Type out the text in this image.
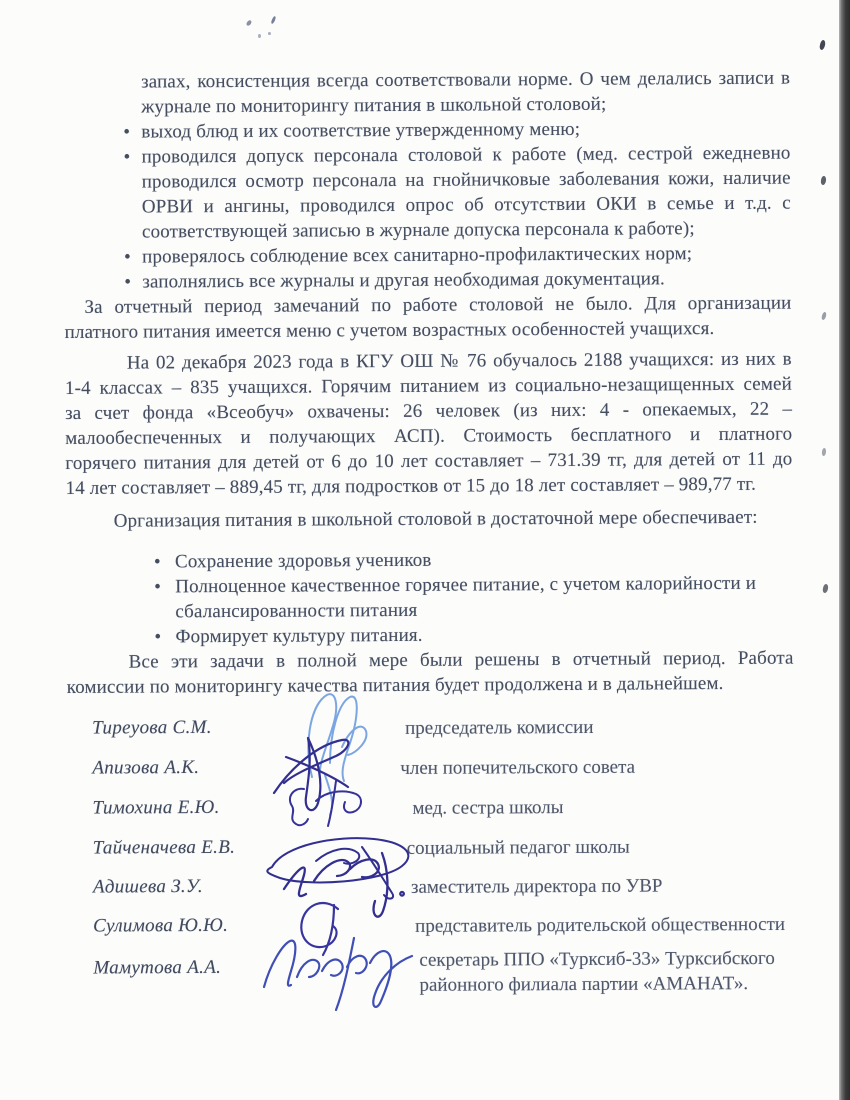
запах, консистенция всегда соответствовали норме. О чем делались записи в
журнале по мониторингу питания в школьной столовой;
• выход блюд и их соответствие утвержденному меню;
• проводился допуск персонала столовой к работе (мед. сестрой ежедневно
проводился осмотр персонала на гнойничковые заболевания кожи, наличие
ОРВИ и ангины, проводился опрос об отсутствии ОКИ в семье и т.д. с
соответствующей записью в журнале допуска персонала к работе);
• проверялось соблюдение всех санитарно-профилактических норм;
• заполнялись все журналы и другая необходимая документация.
За отчетный период замечаний по работе столовой не было. Для организации
платного питания имеется меню с учетом возрастных особенностей учащихся.
На 02 декабря 2023 года в КГУ ОШ № 76 обучалось 2188 учащихся: из них в
1-4 классах – 835 учащихся. Горячим питанием из социально-незащищенных семей
за счет фонда «Всеобуч» охвачены: 26 человек (из них: 4 - опекаемых, 22 –
малообеспеченных и получающих АСП). Стоимость бесплатного и платного
горячего питания для детей от 6 до 10 лет составляет – 731.39 тг, для детей от 11 до
14 лет составляет – 889,45 тг, для подростков от 15 до 18 лет составляет – 989,77 тг.
Организация питания в школьной столовой в достаточной мере обеспечивает:
• Сохранение здоровья учеников
• Полноценное качественное горячее питание, с учетом калорийности и
сбалансированности питания
• Формирует культуру питания.
Все эти задачи в полной мере были решены в отчетный период. Работа
комиссии по мониторингу качества питания будет продолжена и в дальнейшем.
Тиреуова С.М.	председатель комиссии
Апизова А.К.	член попечительского совета
Тимохина Е.Ю.	мед. сестра школы
Тайченачева Е.В.	социальный педагог школы
Адишева З.У.	заместитель директора по УВР
Сулимова Ю.Ю.	представитель родительской общественности
Мамутова А.А.	секретарь ППО «Турксиб-33» Турксибского
районного филиала партии «АМАНАТ».
